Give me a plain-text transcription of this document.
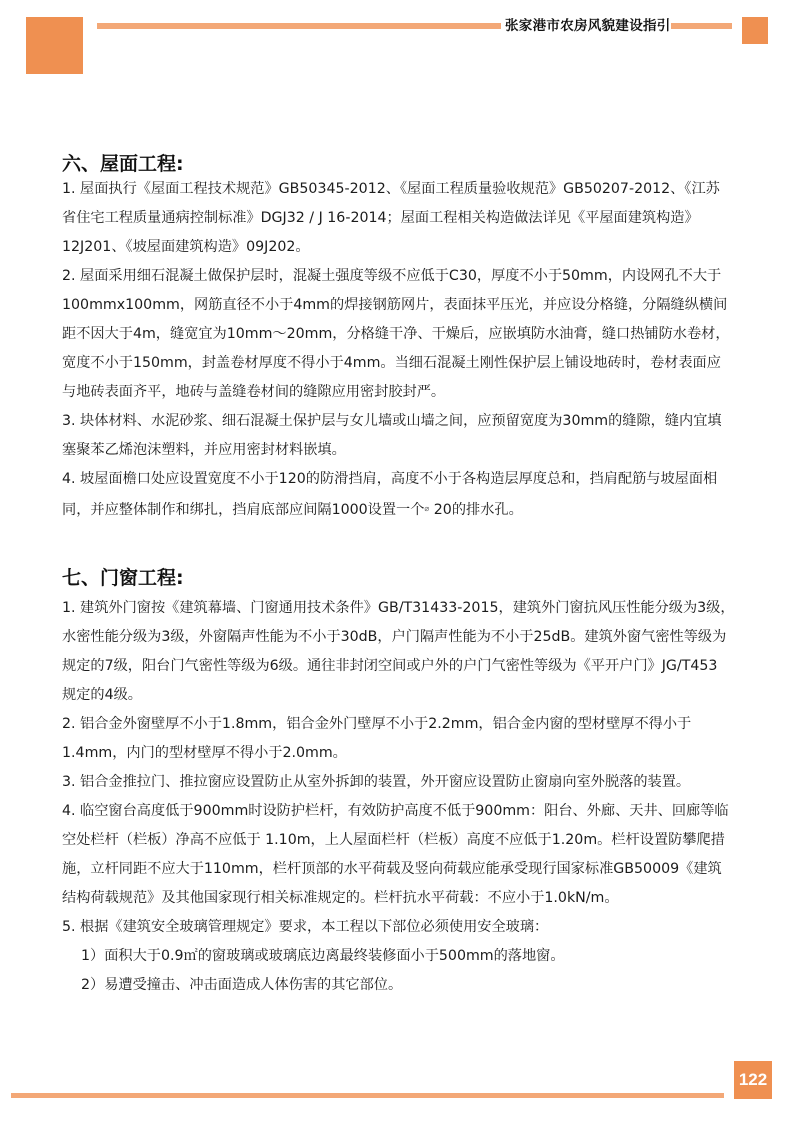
张家港市农房风貌建设指引
六、屋面工程:
1. 屋面执行《屋面工程技术规范》GB50345-2012、《屋面工程质量验收规范》GB50207-2012、《江苏
省住宅工程质量通病控制标准》DGJ32 / J 16-2014；屋面工程相关构造做法详见《平屋面建筑构造》
12J201、《坡屋面建筑构造》09J202。
2. 屋面采用细石混凝土做保护层时，混凝土强度等级不应低于C30，厚度不小于50mm，内设网孔不大于
100mmx100mm，网筋直径不小于4mm的焊接钢筋网片，表面抹平压光，并应设分格缝，分隔缝纵横间
距不因大于4m，缝宽宜为10mm～20mm，分格缝干净、干燥后，应嵌填防水油膏，缝口热铺防水卷材，
宽度不小于150mm，封盖卷材厚度不得小于4mm。当细石混凝土刚性保护层上铺设地砖时，卷材表面应
与地砖表面齐平，地砖与盖缝卷材间的缝隙应用密封胶封严。
3. 块体材料、水泥砂浆、细石混凝土保护层与女儿墙或山墙之间，应预留宽度为30mm的缝隙，缝内宜填
塞聚苯乙烯泡沫塑料，并应用密封材料嵌填。
4. 坡屋面檐口处应设置宽度不小于120的防滑挡肩，高度不小于各构造层厚度总和，挡肩配筋与坡屋面相
同，并应整体制作和绑扎，挡肩底部应间隔1000设置一个⌀ 20的排水孔。
七、门窗工程:
1. 建筑外门窗按《建筑幕墙、门窗通用技术条件》GB/T31433-2015，建筑外门窗抗风压性能分级为3级，
水密性能分级为3级，外窗隔声性能为不小于30dB，户门隔声性能为不小于25dB。建筑外窗气密性等级为
规定的7级，阳台门气密性等级为6级。通往非封闭空间或户外的户门气密性等级为《平开户门》JG/T453
规定的4级。
2. 铝合金外窗壁厚不小于1.8mm，铝合金外门壁厚不小于2.2mm，铝合金内窗的型材壁厚不得小于
1.4mm，内门的型材壁厚不得小于2.0mm。
3. 铝合金推拉门、推拉窗应设置防止从室外拆卸的装置，外开窗应设置防止窗扇向室外脱落的装置。
4. 临空窗台高度低于900mm时设防护栏杆，有效防护高度不低于900mm：阳台、外廊、天井、回廊等临
空处栏杆（栏板）净高不应低于 1.10m，上人屋面栏杆（栏板）高度不应低于1.20m。栏杆设置防攀爬措
施，立杆同距不应大于110mm，栏杆顶部的水平荷载及竖向荷载应能承受现行国家标准GB50009《建筑
结构荷载规范》及其他国家现行相关标准规定的。栏杆抗水平荷载：不应小于1.0kN/m。
5. 根据《建筑安全玻璃管理规定》要求，本工程以下部位必须使用安全玻璃：
1）面积大于0.9㎡的窗玻璃或玻璃底边离最终装修面小于500mm的落地窗。
2）易遭受撞击、冲击面造成人体伤害的其它部位。
122
